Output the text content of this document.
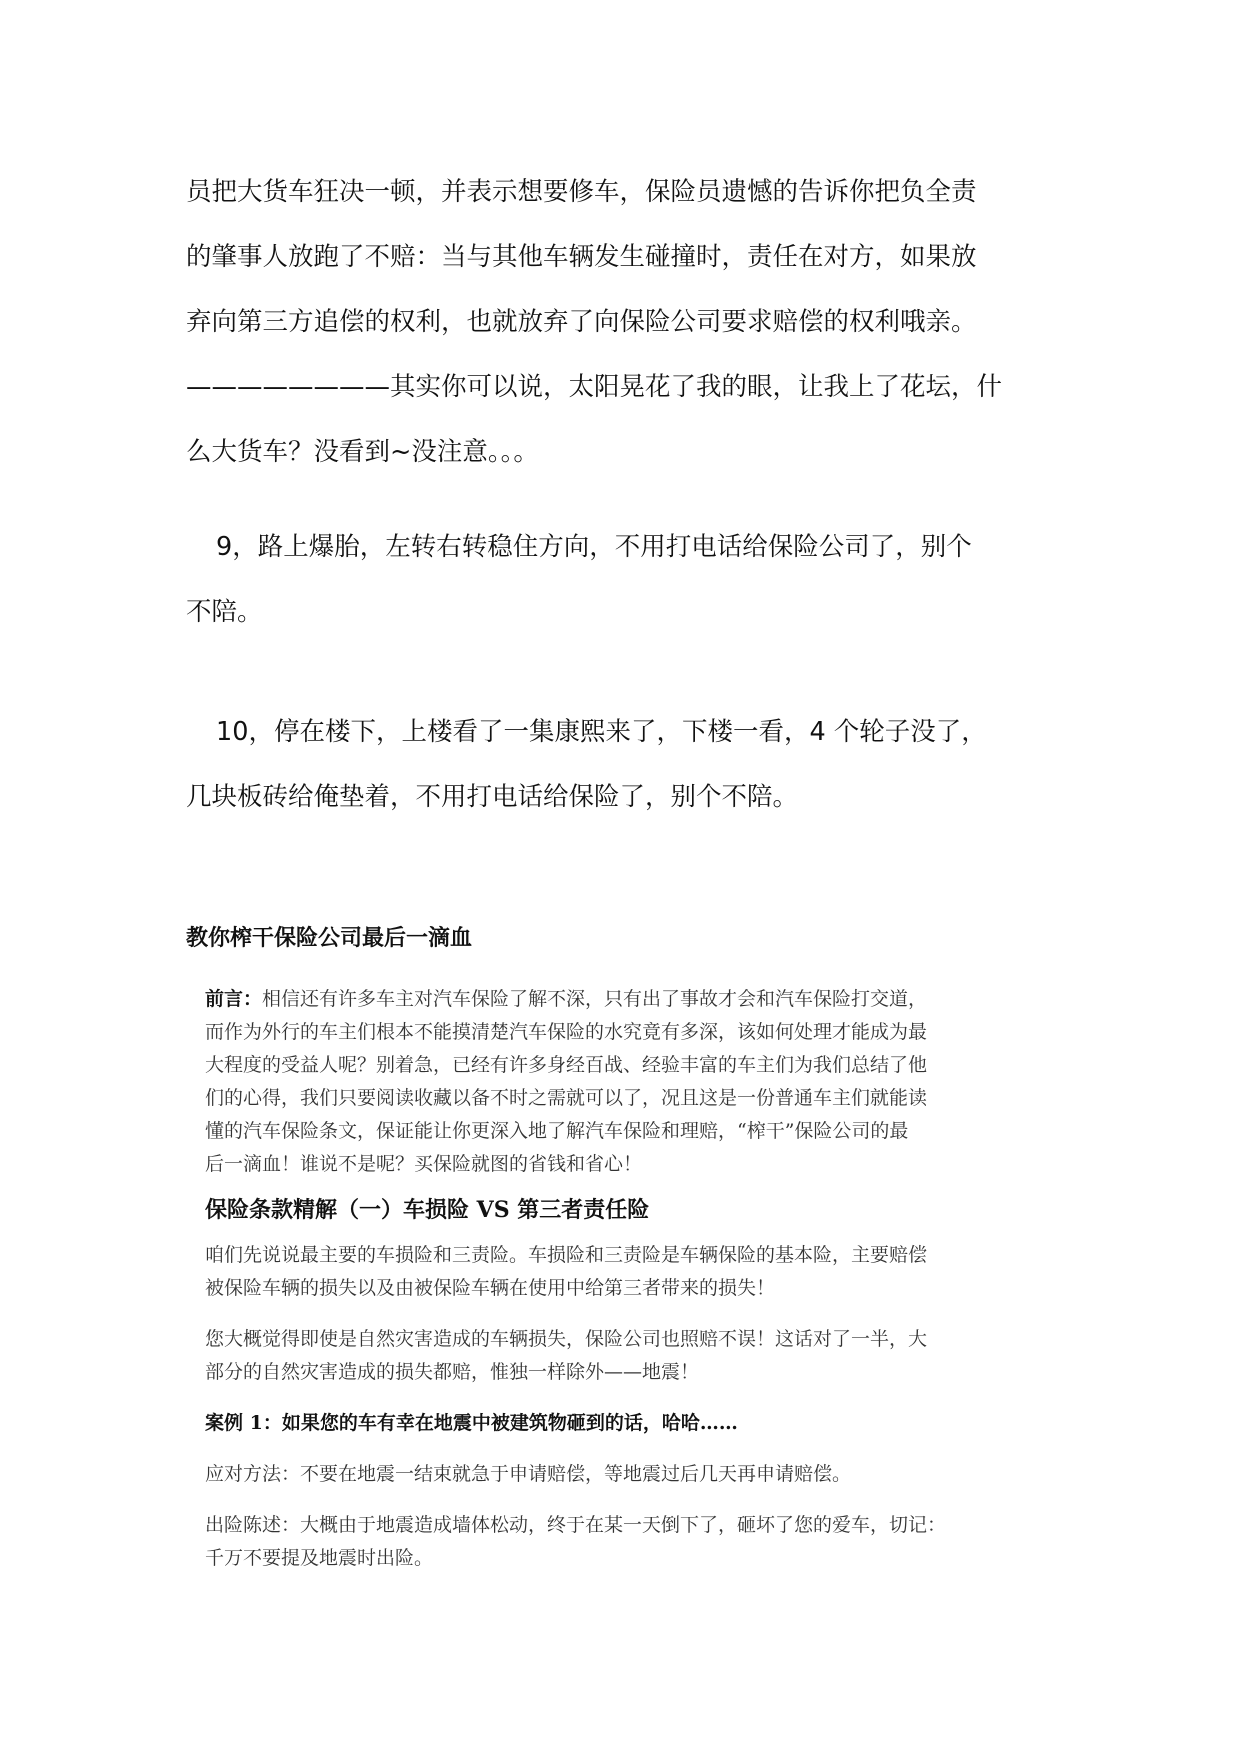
员把大货车狂决一顿，并表示想要修车，保险员遗憾的告诉你把负全责
的肇事人放跑了不赔：当与其他车辆发生碰撞时，责任在对方，如果放
弃向第三方追偿的权利，也就放弃了向保险公司要求赔偿的权利哦亲。
————————其实你可以说，太阳晃花了我的眼，让我上了花坛，什
么大货车？没看到~没注意。。。

9，路上爆胎，左转右转稳住方向，不用打电话给保险公司了，别个
不陪。

10，停在楼下，上楼看了一集康熙来了，下楼一看，4 个轮子没了，
几块板砖给俺垫着，不用打电话给保险了，别个不陪。

教你榨干保险公司最后一滴血

前言：相信还有许多车主对汽车保险了解不深，只有出了事故才会和汽车保险打交道，
而作为外行的车主们根本不能摸清楚汽车保险的水究竟有多深，该如何处理才能成为最
大程度的受益人呢？别着急，已经有许多身经百战、经验丰富的车主们为我们总结了他
们的心得，我们只要阅读收藏以备不时之需就可以了，况且这是一份普通车主们就能读
懂的汽车保险条文，保证能让你更深入地了解汽车保险和理赔，“榨干”保险公司的最
后一滴血！谁说不是呢？买保险就图的省钱和省心！

保险条款精解（一）车损险 VS 第三者责任险

咱们先说说最主要的车损险和三责险。车损险和三责险是车辆保险的基本险，主要赔偿
被保险车辆的损失以及由被保险车辆在使用中给第三者带来的损失！

您大概觉得即使是自然灾害造成的车辆损失，保险公司也照赔不误！这话对了一半，大
部分的自然灾害造成的损失都赔，惟独一样除外——地震！

案例 1：如果您的车有幸在地震中被建筑物砸到的话，哈哈……

应对方法：不要在地震一结束就急于申请赔偿，等地震过后几天再申请赔偿。

出险陈述：大概由于地震造成墙体松动，终于在某一天倒下了，砸坏了您的爱车，切记：
千万不要提及地震时出险。
